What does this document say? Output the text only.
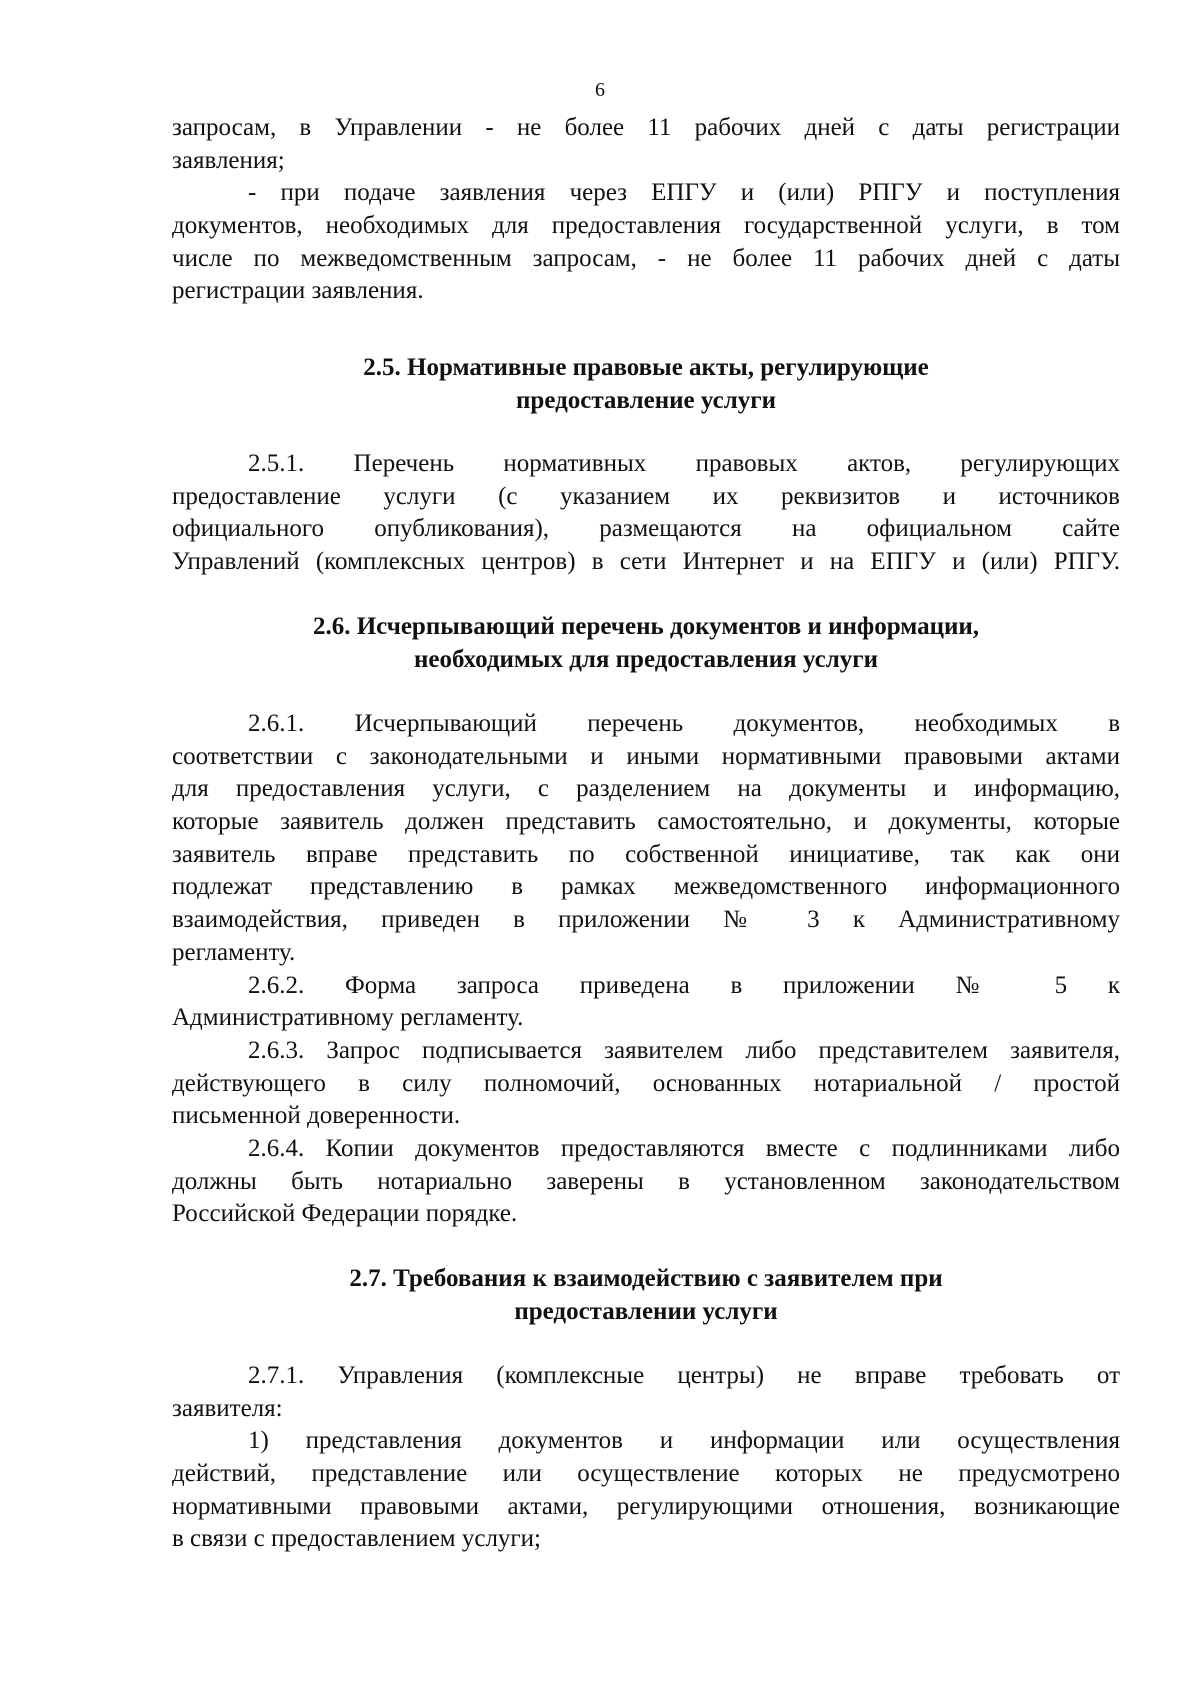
6
запросам, в Управлении - не более 11 рабочих дней с даты регистрации
заявления;
- при подаче заявления через ЕПГУ и (или) РПГУ и поступления
документов, необходимых для предоставления государственной услуги, в том
числе по межведомственным запросам, - не более 11 рабочих дней с даты
регистрации заявления.
2.5. Нормативные правовые акты, регулирующие
предоставление услуги
2.5.1. Перечень нормативных правовых актов, регулирующих
предоставление услуги (с указанием их реквизитов и источников
официального опубликования), размещаются на официальном сайте
Управлений (комплексных центров) в сети Интернет и на ЕПГУ и (или) РПГУ.
2.6. Исчерпывающий перечень документов и информации,
необходимых для предоставления услуги
2.6.1. Исчерпывающий перечень документов, необходимых в
соответствии с законодательными и иными нормативными правовыми актами
для предоставления услуги, с разделением на документы и информацию,
которые заявитель должен представить самостоятельно, и документы, которые
заявитель вправе представить по собственной инициативе, так как они
подлежат представлению в рамках межведомственного информационного
взаимодействия, приведен в приложении № 3 к Административному
регламенту.
2.6.2. Форма запроса приведена в приложении № 5 к
Административному регламенту.
2.6.3. Запрос подписывается заявителем либо представителем заявителя,
действующего в силу полномочий, основанных нотариальной / простой
письменной доверенности.
2.6.4. Копии документов предоставляются вместе с подлинниками либо
должны быть нотариально заверены в установленном законодательством
Российской Федерации порядке.
2.7. Требования к взаимодействию с заявителем при
предоставлении услуги
2.7.1. Управления (комплексные центры) не вправе требовать от
заявителя:
1) представления документов и информации или осуществления
действий, представление или осуществление которых не предусмотрено
нормативными правовыми актами, регулирующими отношения, возникающие
в связи с предоставлением услуги;
